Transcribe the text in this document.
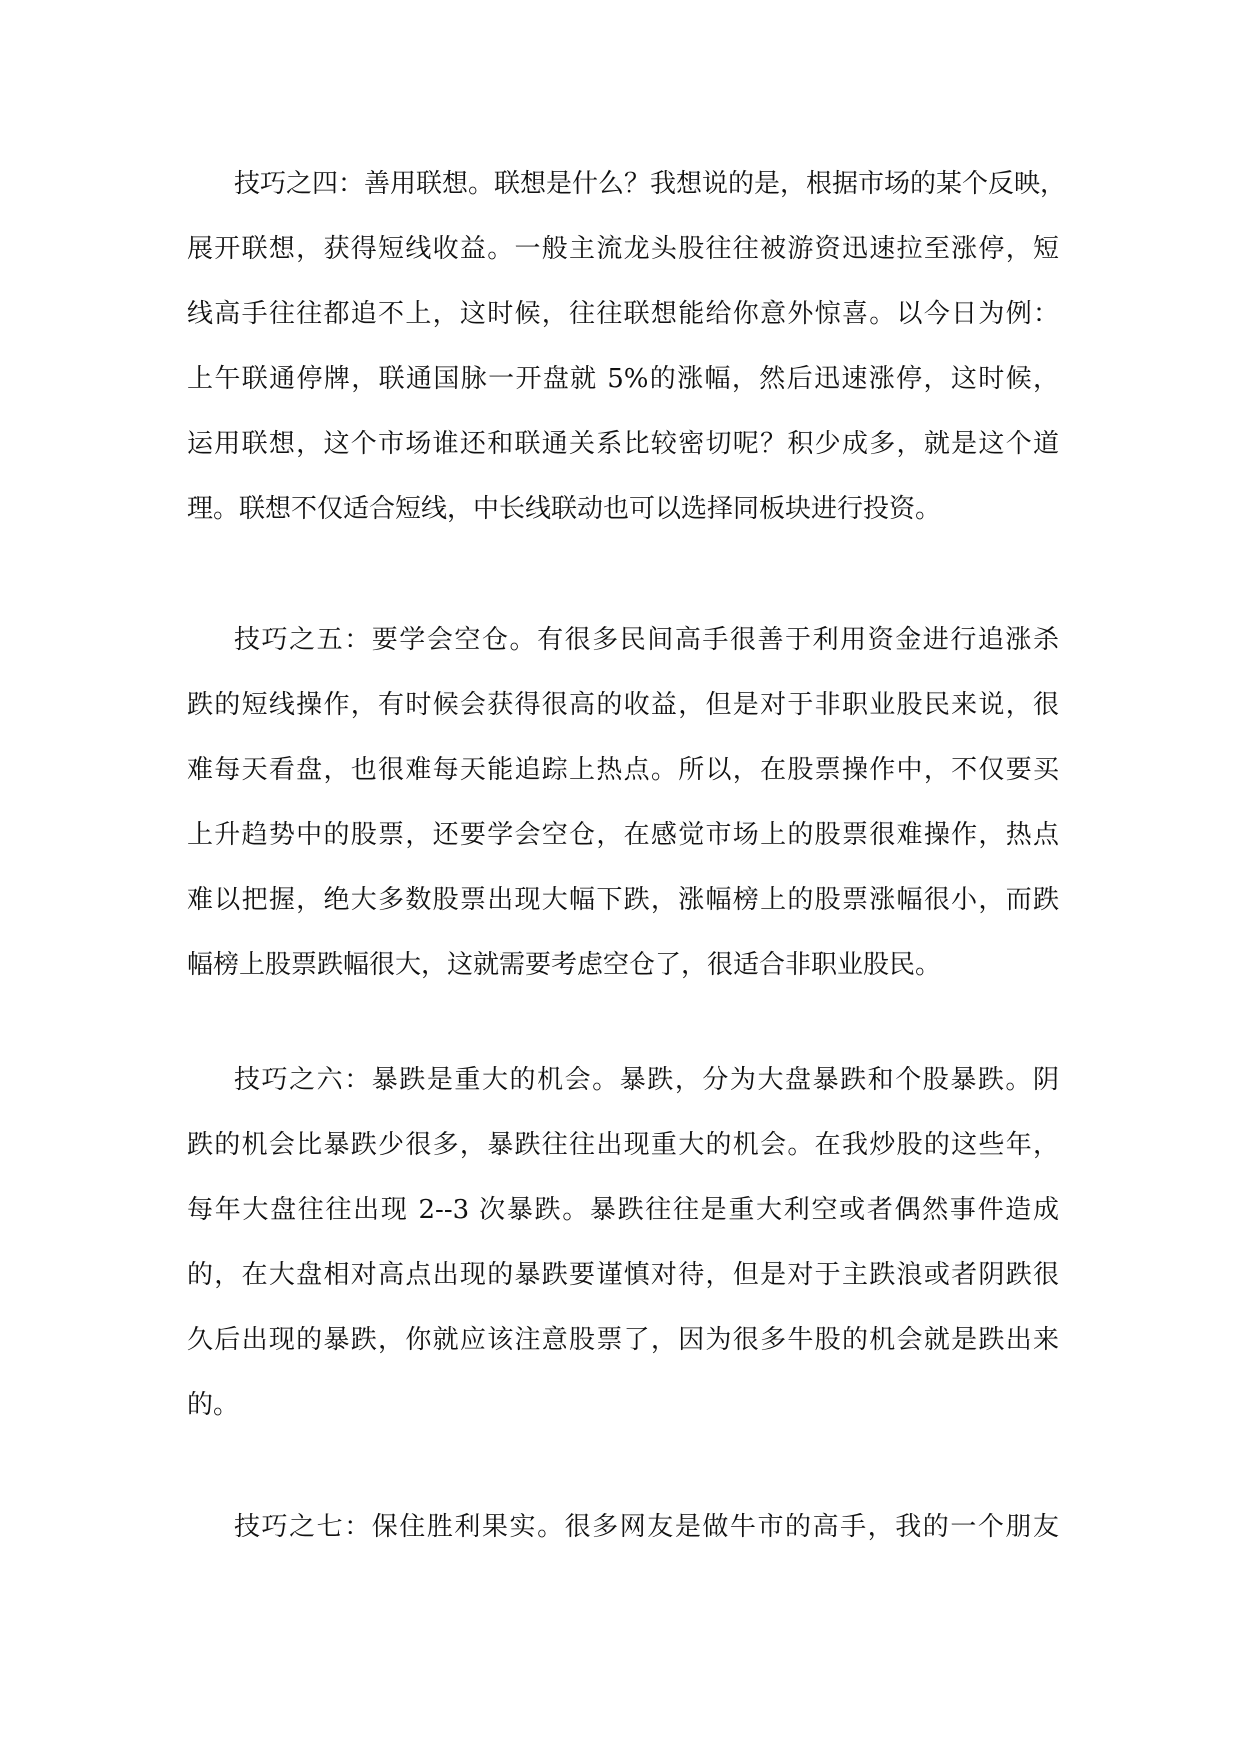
技巧之四：善用联想。联想是什么？我想说的是，根据市场的某个反映，
展开联想，获得短线收益。一般主流龙头股往往被游资迅速拉至涨停，短
线高手往往都追不上，这时候，往往联想能给你意外惊喜。以今日为例：
上午联通停牌，联通国脉一开盘就 5%的涨幅，然后迅速涨停，这时候，
运用联想，这个市场谁还和联通关系比较密切呢？积少成多，就是这个道
理。联想不仅适合短线，中长线联动也可以选择同板块进行投资。
技巧之五：要学会空仓。有很多民间高手很善于利用资金进行追涨杀
跌的短线操作，有时候会获得很高的收益，但是对于非职业股民来说，很
难每天看盘，也很难每天能追踪上热点。所以，在股票操作中，不仅要买
上升趋势中的股票，还要学会空仓，在感觉市场上的股票很难操作，热点
难以把握，绝大多数股票出现大幅下跌，涨幅榜上的股票涨幅很小，而跌
幅榜上股票跌幅很大，这就需要考虑空仓了，很适合非职业股民。
技巧之六：暴跌是重大的机会。暴跌，分为大盘暴跌和个股暴跌。阴
跌的机会比暴跌少很多，暴跌往往出现重大的机会。在我炒股的这些年，
每年大盘往往出现 2--3 次暴跌。暴跌往往是重大利空或者偶然事件造成
的，在大盘相对高点出现的暴跌要谨慎对待，但是对于主跌浪或者阴跌很
久后出现的暴跌，你就应该注意股票了，因为很多牛股的机会就是跌出来
的。
技巧之七：保住胜利果实。很多网友是做牛市的高手，我的一个朋友
